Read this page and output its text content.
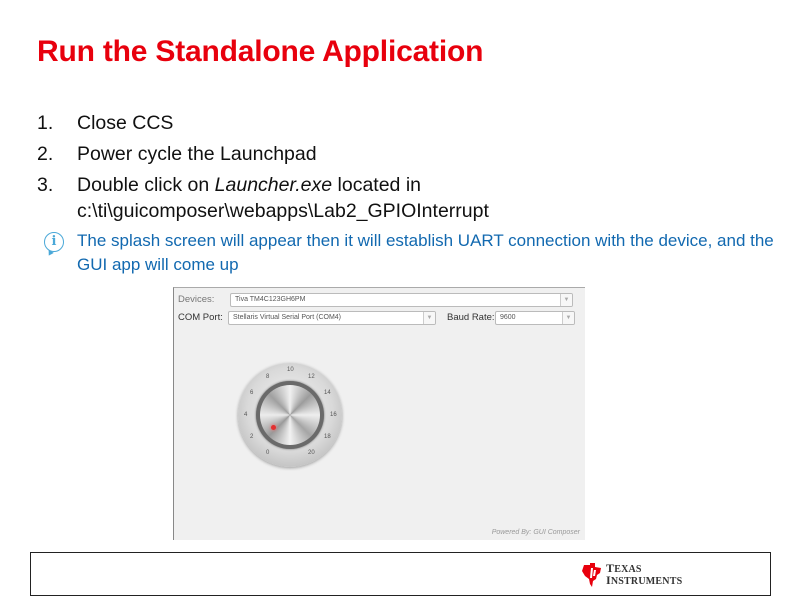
Run the Standalone Application
1. Close CCS
2. Power cycle the Launchpad
3. Double click on Launcher.exe located in
c:\ti\guicomposer\webapps\Lab2_GPIOInterrupt
i	The splash screen will appear then it will establish UART connection with the device, and the GUI app will come up
Devices:	Tiva TM4C123GH6PM	▼
COM Port:	Stellaris Virtual Serial Port (COM4)	▼ Baud Rate: 9600	▼
10
8	12
6	14
4	16
2	18
0	20
Powered By: GUI Composer
TEXAS
INSTRUMENTS
